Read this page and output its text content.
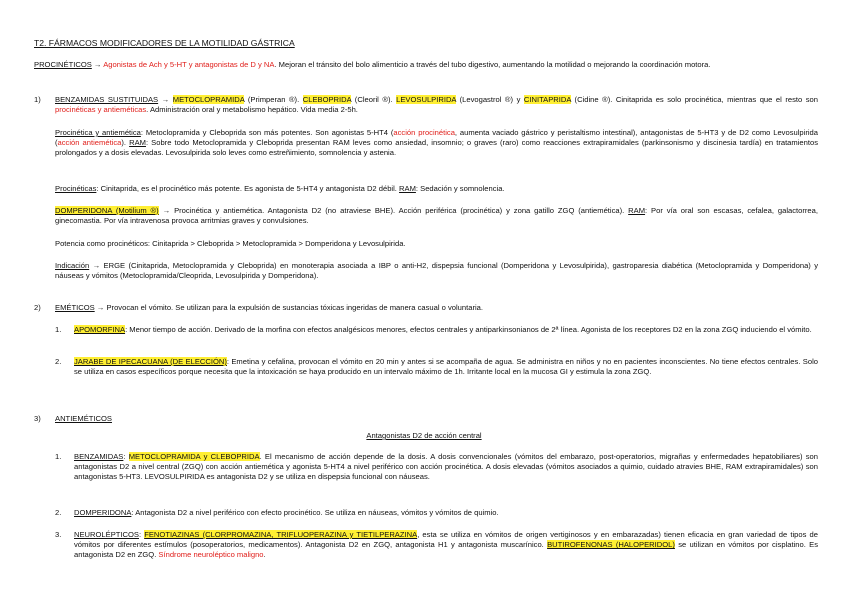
T2. FÁRMACOS MODIFICADORES DE LA MOTILIDAD GÁSTRICA
PROCINÉTICOS → Agonistas de Ach y 5-HT y antagonistas de D y NA. Mejoran el tránsito del bolo alimenticio a través del tubo digestivo, aumentando la motilidad o mejorando la coordinación motora.
1) BENZAMIDAS SUSTITUIDAS → METOCLOPRAMIDA (Primperan ®). CLEBOPRIDA (Cleoril ®). LEVOSULPIRIDA (Levogastrol ®) y CINITAPRIDA (Cidine ®). Cinitaprida es solo procinética, mientras que el resto son procinéticas y antieméticas. Administración oral y metabolismo hepático. Vida media 2-5h.
Procinética y antiemética: Metoclopramida y Cleboprida son más potentes. Son agonistas 5-HT4 (acción procinética, aumenta vaciado gástrico y peristaltismo intestinal), antagonistas de 5-HT3 y de D2 como Levosulpirida (acción antiemética). RAM: Sobre todo Metoclopramida y Cleboprida presentan RAM leves como ansiedad, insomnio; o graves (raro) como reacciones extrapiramidales (parkinsonismo y discinesia tardía) en tratamientos prolongados y a dosis elevadas. Levosulpirida solo leves como estreñimiento, somnolencia y astenia.
Procinéticas: Cinitaprida, es el procinético más potente. Es agonista de 5-HT4 y antagonista D2 débil. RAM: Sedación y somnolencia.
DOMPERIDONA (Motilium ®) → Procinética y antiemética. Antagonista D2 (no atraviese BHE). Acción periférica (procinética) y zona gatillo ZGQ (antiemética). RAM: Por vía oral son escasas, cefalea, galactorrea, ginecomastia. Por vía intravenosa provoca arritmias graves y convulsiones.
Potencia como procinéticos: Cinitaprida > Cleboprida > Metoclopramida > Domperidona y Levosulpirida.
Indicación → ERGE (Cinitaprida, Metoclopramida y Cleboprida) en monoterapia asociada a IBP o anti-H2, dispepsia funcional (Domperidona y Levosulpirida), gastroparesia diabética (Metoclopramida y Domperidona) y náuseas y vómitos (Metoclopramida/Cleoprida, Levosulpirida y Domperidona).
2) EMÉTICOS → Provocan el vómito. Se utilizan para la expulsión de sustancias tóxicas ingeridas de manera casual o voluntaria.
1. APOMORFINA: Menor tiempo de acción. Derivado de la morfina con efectos analgésicos menores, efectos centrales y antiparkinsonianos de 2ª línea. Agonista de los receptores D2 en la zona ZGQ induciendo el vómito.
2. JARABE DE IPECACUANA (DE ELECCIÓN): Emetina y cefalina, provocan el vómito en 20 min y antes si se acompaña de agua. Se administra en niños y no en pacientes inconscientes. No tiene efectos centrales. Solo se utiliza en casos específicos porque necesita que la intoxicación se haya producido en un intervalo máximo de 1h. Irritante local en la mucosa GI y estimula la zona ZGQ.
3) ANTIEMÉTICOS
Antagonistas D2 de acción central
1. BENZAMIDAS: METOCLOPRAMIDA y CLEBOPRIDA. El mecanismo de acción depende de la dosis. A dosis convencionales (vómitos del embarazo, post-operatorios, migrañas y enfermedades hepatobiliares) son antagonistas D2 a nivel central (ZGQ) con acción antiemética y agonista 5-HT4 a nivel periférico con acción procinética. A dosis elevadas (vómitos asociados a quimio, cuidado atravies BHE, RAM extrapiramidales) son antagonistas 5-HT3. LEVOSULPIRIDA es antagonista D2 y se utiliza en dispepsia funcional con náuseas.
2. DOMPERIDONA: Antagonista D2 a nivel periférico con efecto procinético. Se utiliza en náuseas, vómitos y vómitos de quimio.
3. NEUROLÉPTICOS: FENOTIAZINAS (CLORPROMAZINA, TRIFLUOPERAZINA y TIETILPERAZINA, esta se utiliza en vómitos de origen vertiginosos y en embarazadas) tienen eficacia en gran variedad de tipos de vómitos por diferentes estímulos (posoperatorios, medicamentos). Antagonista D2 en ZGQ, antagonista H1 y antagonista muscarínico. BUTIROFENONAS (HALOPERIDOL) se utilizan en vómitos por cisplatino. Es antagonista D2 en ZGQ. Síndrome neuroléptico maligno.
